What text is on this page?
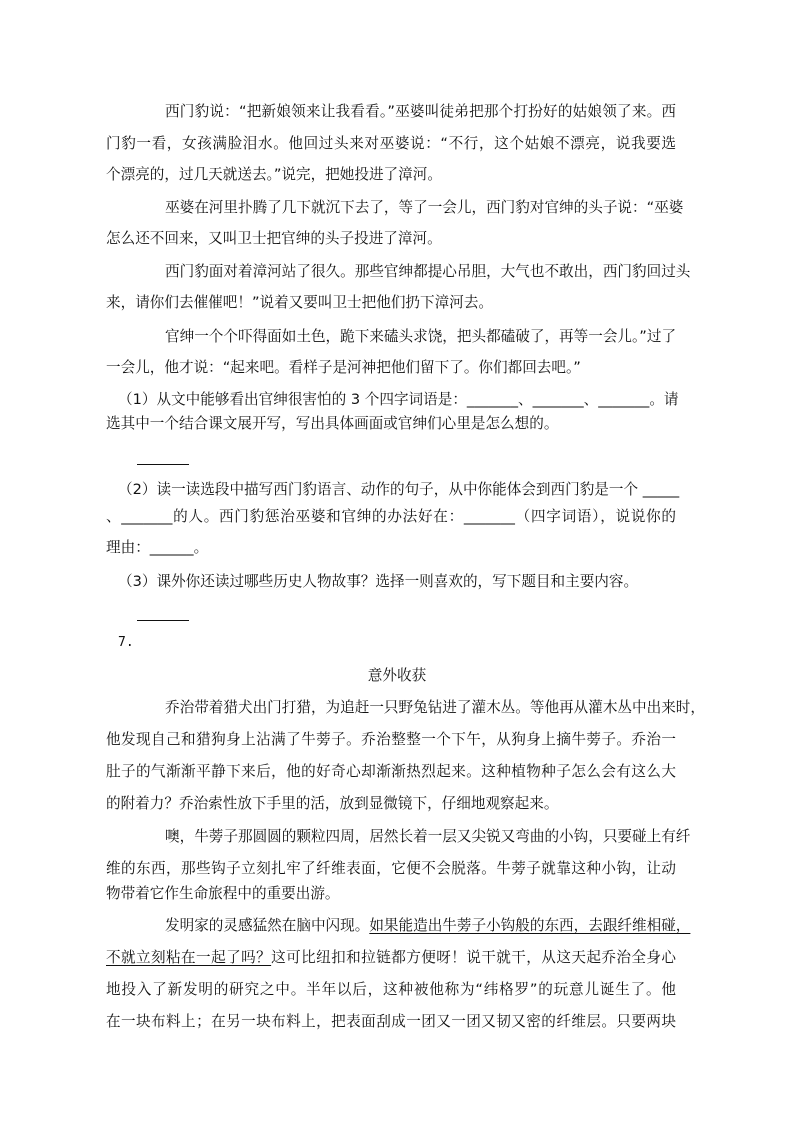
西门豹说：“把新娘领来让我看看。”巫婆叫徒弟把那个打扮好的姑娘领了来。西
门豹一看，女孩满脸泪水。他回过头来对巫婆说：“不行，这个姑娘不漂亮，说我要选
个漂亮的，过几天就送去。”说完，把她投进了漳河。
巫婆在河里扑腾了几下就沉下去了，等了一会儿，西门豹对官绅的头子说：“巫婆
怎么还不回来，又叫卫士把官绅的头子投进了漳河。
西门豹面对着漳河站了很久。那些官绅都提心吊胆，大气也不敢出，西门豹回过头
来，请你们去催催吧！”说着又要叫卫士把他们扔下漳河去。
官绅一个个吓得面如土色，跪下来磕头求饶，把头都磕破了，再等一会儿。”过了
一会儿，他才说：“起来吧。看样子是河神把他们留下了。你们都回去吧。”
（1）从文中能够看出官绅很害怕的 3 个四字词语是：_______、_______、_______。请
选其中一个结合课文展开写，写出具体画面或官绅们心里是怎么想的。
（2）读一读选段中描写西门豹语言、动作的句子，从中你能体会到西门豹是一个 _____
、_______的人。西门豹惩治巫婆和官绅的办法好在：_______（四字词语），说说你的
理由：______。
（3）课外你还读过哪些历史人物故事？选择一则喜欢的，写下题目和主要内容。
7.
意外收获
乔治带着猎犬出门打猎，为追赶一只野兔钻进了灌木丛。等他再从灌木丛中出来时，
他发现自己和猎狗身上沾满了牛蒡子。乔治整整一个下午，从狗身上摘牛蒡子。乔治一
肚子的气渐渐平静下来后，他的好奇心却渐渐热烈起来。这种植物种子怎么会有这么大
的附着力？乔治索性放下手里的活，放到显微镜下，仔细地观察起来。
噢，牛蒡子那圆圆的颗粒四周，居然长着一层又尖锐又弯曲的小钩，只要碰上有纤
维的东西，那些钩子立刻扎牢了纤维表面，它便不会脱落。牛蒡子就靠这种小钩，让动
物带着它作生命旅程中的重要出游。
发明家的灵感猛然在脑中闪现。如果能造出牛蒡子小钩般的东西，去跟纤维相碰，
不就立刻粘在一起了吗？这可比纽扣和拉链都方便呀！说干就干，从这天起乔治全身心
地投入了新发明的研究之中。半年以后，这种被他称为“纬格罗”的玩意儿诞生了。他
在一块布料上；在另一块布料上，把表面刮成一团又一团又韧又密的纤维层。只要两块
